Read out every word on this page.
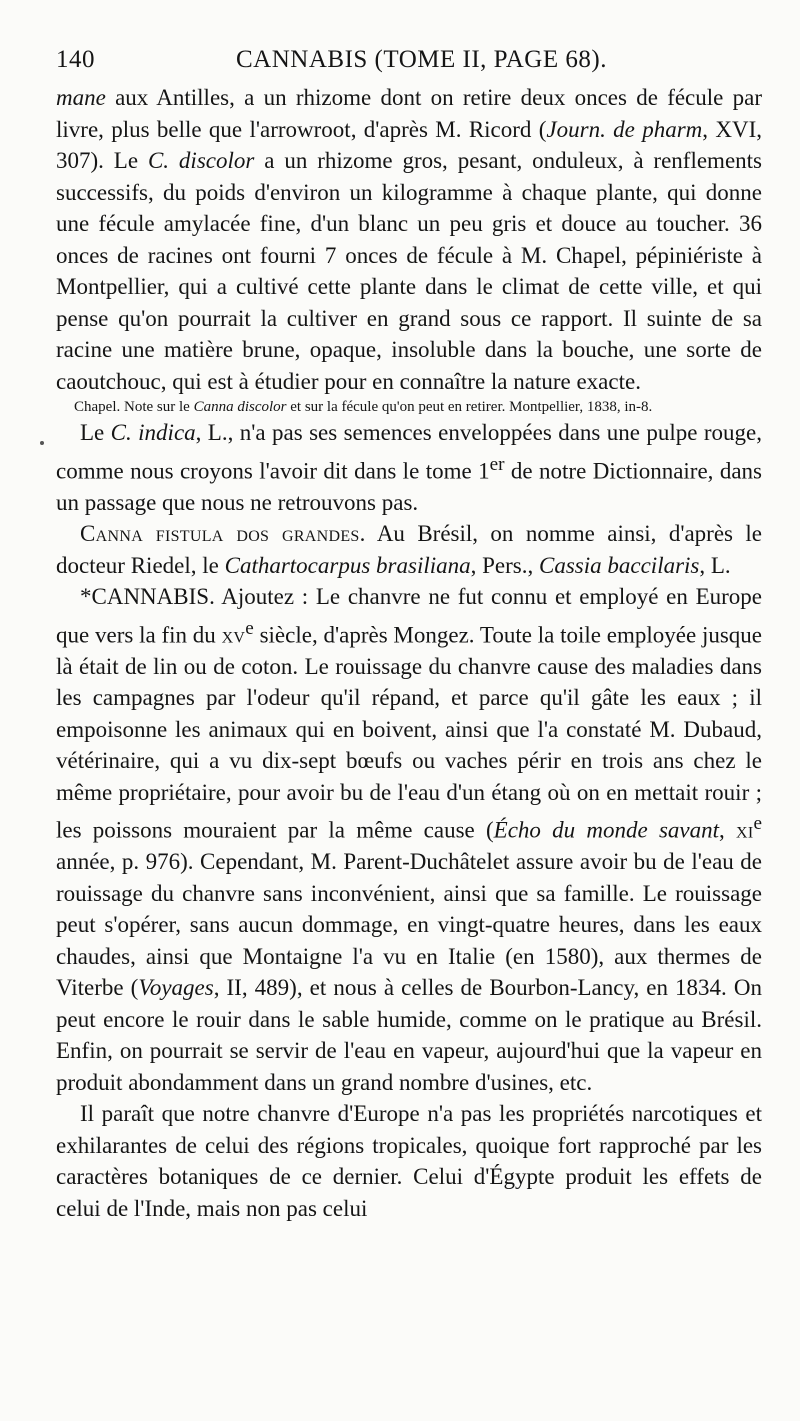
140	CANNABIS (TOME II, PAGE 68).

mane aux Antilles, a un rhizome dont on retire deux onces de fécule par livre, plus belle que l'arrowroot, d'après M. Ricord (Journ. de pharm, XVI, 307). Le C. discolor a un rhizome gros, pesant, onduleux, à renflements successifs, du poids d'environ un kilogramme à chaque plante, qui donne une fécule amylacée fine, d'un blanc un peu gris et douce au toucher. 36 onces de racines ont fourni 7 onces de fécule à M. Chapel, pépiniériste à Montpellier, qui a cultivé cette plante dans le climat de cette ville, et qui pense qu'on pourrait la cultiver en grand sous ce rapport. Il suinte de sa racine une matière brune, opaque, insoluble dans la bouche, une sorte de caoutchouc, qui est à étudier pour en connaître la nature exacte.

Chapel. Note sur le Canna discolor et sur la fécule qu'on peut en retirer. Montpellier, 1838, in-8.

Le C. indica, L., n'a pas ses semences enveloppées dans une pulpe rouge, comme nous croyons l'avoir dit dans le tome 1er de notre Dictionnaire, dans un passage que nous ne retrouvons pas.

Canna fistula dos grandes. Au Brésil, on nomme ainsi, d'après le docteur Riedel, le Cathartocarpus brasiliana, Pers., Cassia baccilaris, L.

*CANNABIS. Ajoutez : Le chanvre ne fut connu et employé en Europe que vers la fin du $xv^e$ siècle, d'après Mongez. Toute la toile employée jusque là était de lin ou de coton. Le rouissage du chanvre cause des maladies dans les campagnes par l'odeur qu'il répand, et parce qu'il gâte les eaux ; il empoisonne les animaux qui en boivent, ainsi que l'a constaté M. Dubaud, vétérinaire, qui a vu dix-sept bœufs ou vaches périr en trois ans chez le même propriétaire, pour avoir bu de l'eau d'un étang où on en mettait rouir ; les poissons mouraient par la même cause (Écho du monde savant, $xi^e$ année, p. 976). Cependant, M. Parent-Duchâtelet assure avoir bu de l'eau de rouissage du chanvre sans inconvénient, ainsi que sa famille. Le rouissage peut s'opérer, sans aucun dommage, en vingt-quatre heures, dans les eaux chaudes, ainsi que Montaigne l'a vu en Italie (en 1580), aux thermes de Viterbe (Voyages, II, 489), et nous à celles de Bourbon-Lancy, en 1834. On peut encore le rouir dans le sable humide, comme on le pratique au Brésil. Enfin, on pourrait se servir de l'eau en vapeur, aujourd'hui que la vapeur en produit abondamment dans un grand nombre d'usines, etc.

Il paraît que notre chanvre d'Europe n'a pas les propriétés narcotiques et exhilarantes de celui des régions tropicales, quoique fort rapproché par les caractères botaniques de ce dernier. Celui d'Égypte produit les effets de celui de l'Inde, mais non pas celui
